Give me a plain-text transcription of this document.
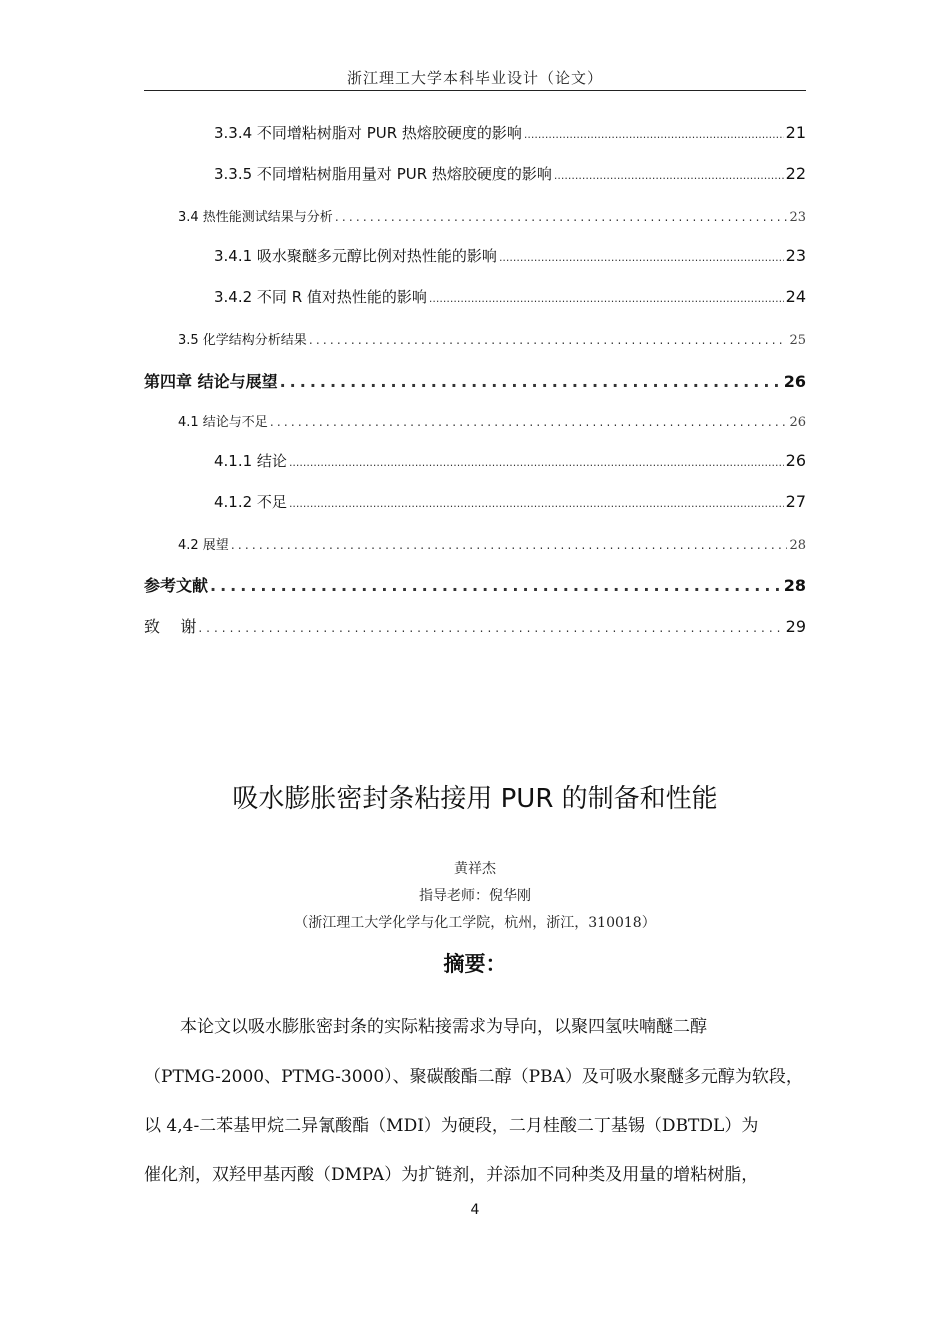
浙江理工大学本科毕业设计（论文）
3.3.4 不同增粘树脂对 PUR 热熔胶硬度的影响 .....	21
3.3.5 不同增粘树脂用量对 PUR 热熔胶硬度的影响 .....	22
3.4 热性能测试结果与分析 .....	23
3.4.1 吸水聚醚多元醇比例对热性能的影响 .....	23
3.4.2 不同 R 值对热性能的影响 .....	24
3.5 化学结构分析结果 .....	25
第四章 结论与展望 .....	26
4.1 结论与不足 .....	26
4.1.1 结论 .....	26
4.1.2 不足 .....	27
4.2 展望 .....	28
参考文献 .....	28
致    谢 .....	29
吸水膨胀密封条粘接用 PUR 的制备和性能
黄祥杰
指导老师：倪华刚
（浙江理工大学化学与化工学院，杭州，浙江，310018）
摘要：
本论文以吸水膨胀密封条的实际粘接需求为导向，以聚四氢呋喃醚二醇
（PTMG-2000、PTMG-3000）、聚碳酸酯二醇（PBA）及可吸水聚醚多元醇为软段，
以 4,4-二苯基甲烷二异氰酸酯（MDI）为硬段，二月桂酸二丁基锡（DBTDL）为
催化剂，双羟甲基丙酸（DMPA）为扩链剂，并添加不同种类及用量的增粘树脂，
4
